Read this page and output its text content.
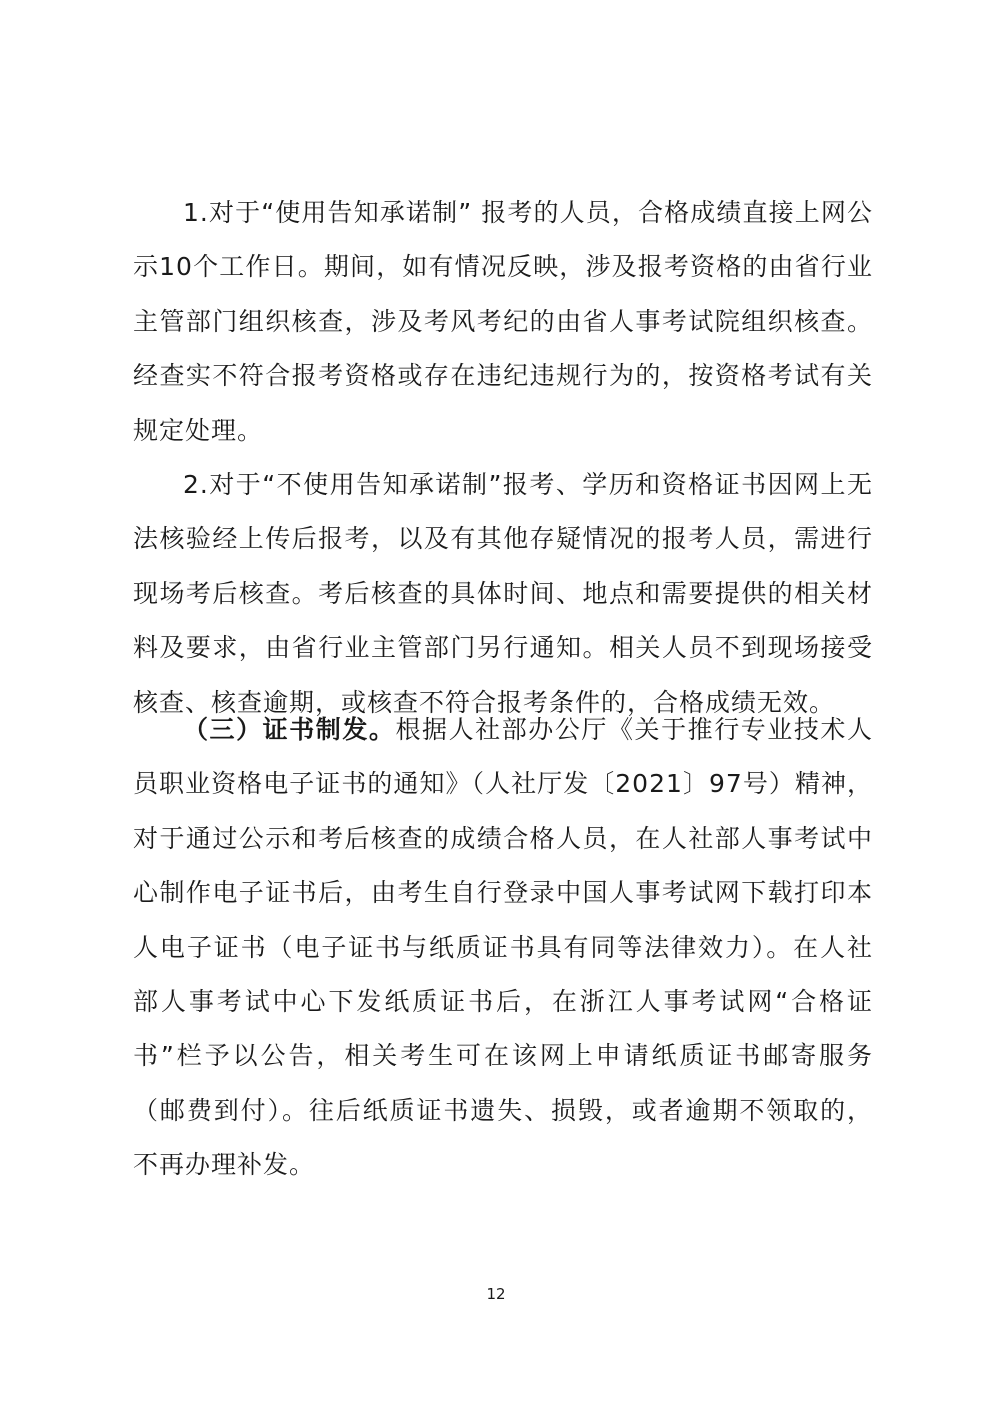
1.对于“使用告知承诺制” 报考的人员，合格成绩直接上网公示10个工作日。期间，如有情况反映，涉及报考资格的由省行业主管部门组织核查，涉及考风考纪的由省人事考试院组织核查。经查实不符合报考资格或存在违纪违规行为的，按资格考试有关规定处理。

2.对于“不使用告知承诺制”报考、学历和资格证书因网上无法核验经上传后报考，以及有其他存疑情况的报考人员，需进行现场考后核查。考后核查的具体时间、地点和需要提供的相关材料及要求，由省行业主管部门另行通知。相关人员不到现场接受核查、核查逾期，或核查不符合报考条件的，合格成绩无效。

（三）证书制发。根据人社部办公厅《关于推行专业技术人员职业资格电子证书的通知》（人社厅发〔2021〕97号）精神，对于通过公示和考后核查的成绩合格人员，在人社部人事考试中心制作电子证书后，由考生自行登录中国人事考试网下载打印本人电子证书（电子证书与纸质证书具有同等法律效力）。在人社部人事考试中心下发纸质证书后，在浙江人事考试网“合格证书”栏予以公告，相关考生可在该网上申请纸质证书邮寄服务（邮费到付）。往后纸质证书遗失、损毁，或者逾期不领取的，不再办理补发。

12
